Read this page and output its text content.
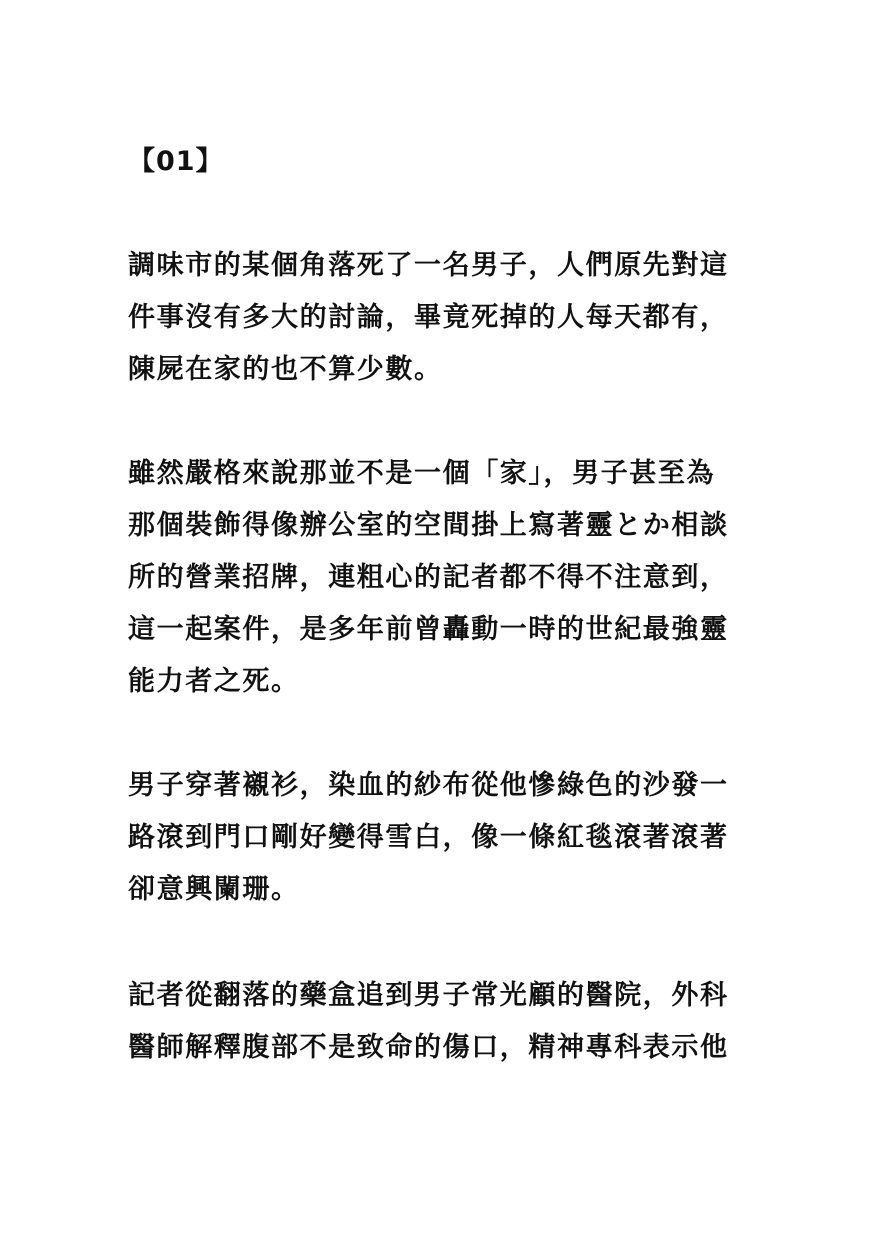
【01】
調味市的某個角落死了一名男子，人們原先對這
件事沒有多大的討論，畢竟死掉的人每天都有，
陳屍在家的也不算少數。
雖然嚴格來說那並不是一個「家」，男子甚至為
那個裝飾得像辦公室的空間掛上寫著靈とか相談
所的營業招牌，連粗心的記者都不得不注意到，
這一起案件，是多年前曾轟動一時的世紀最強靈
能力者之死。
男子穿著襯衫，染血的紗布從他慘綠色的沙發一
路滾到門口剛好變得雪白，像一條紅毯滾著滾著
卻意興闌珊。
記者從翻落的藥盒追到男子常光顧的醫院，外科
醫師解釋腹部不是致命的傷口，精神專科表示他
